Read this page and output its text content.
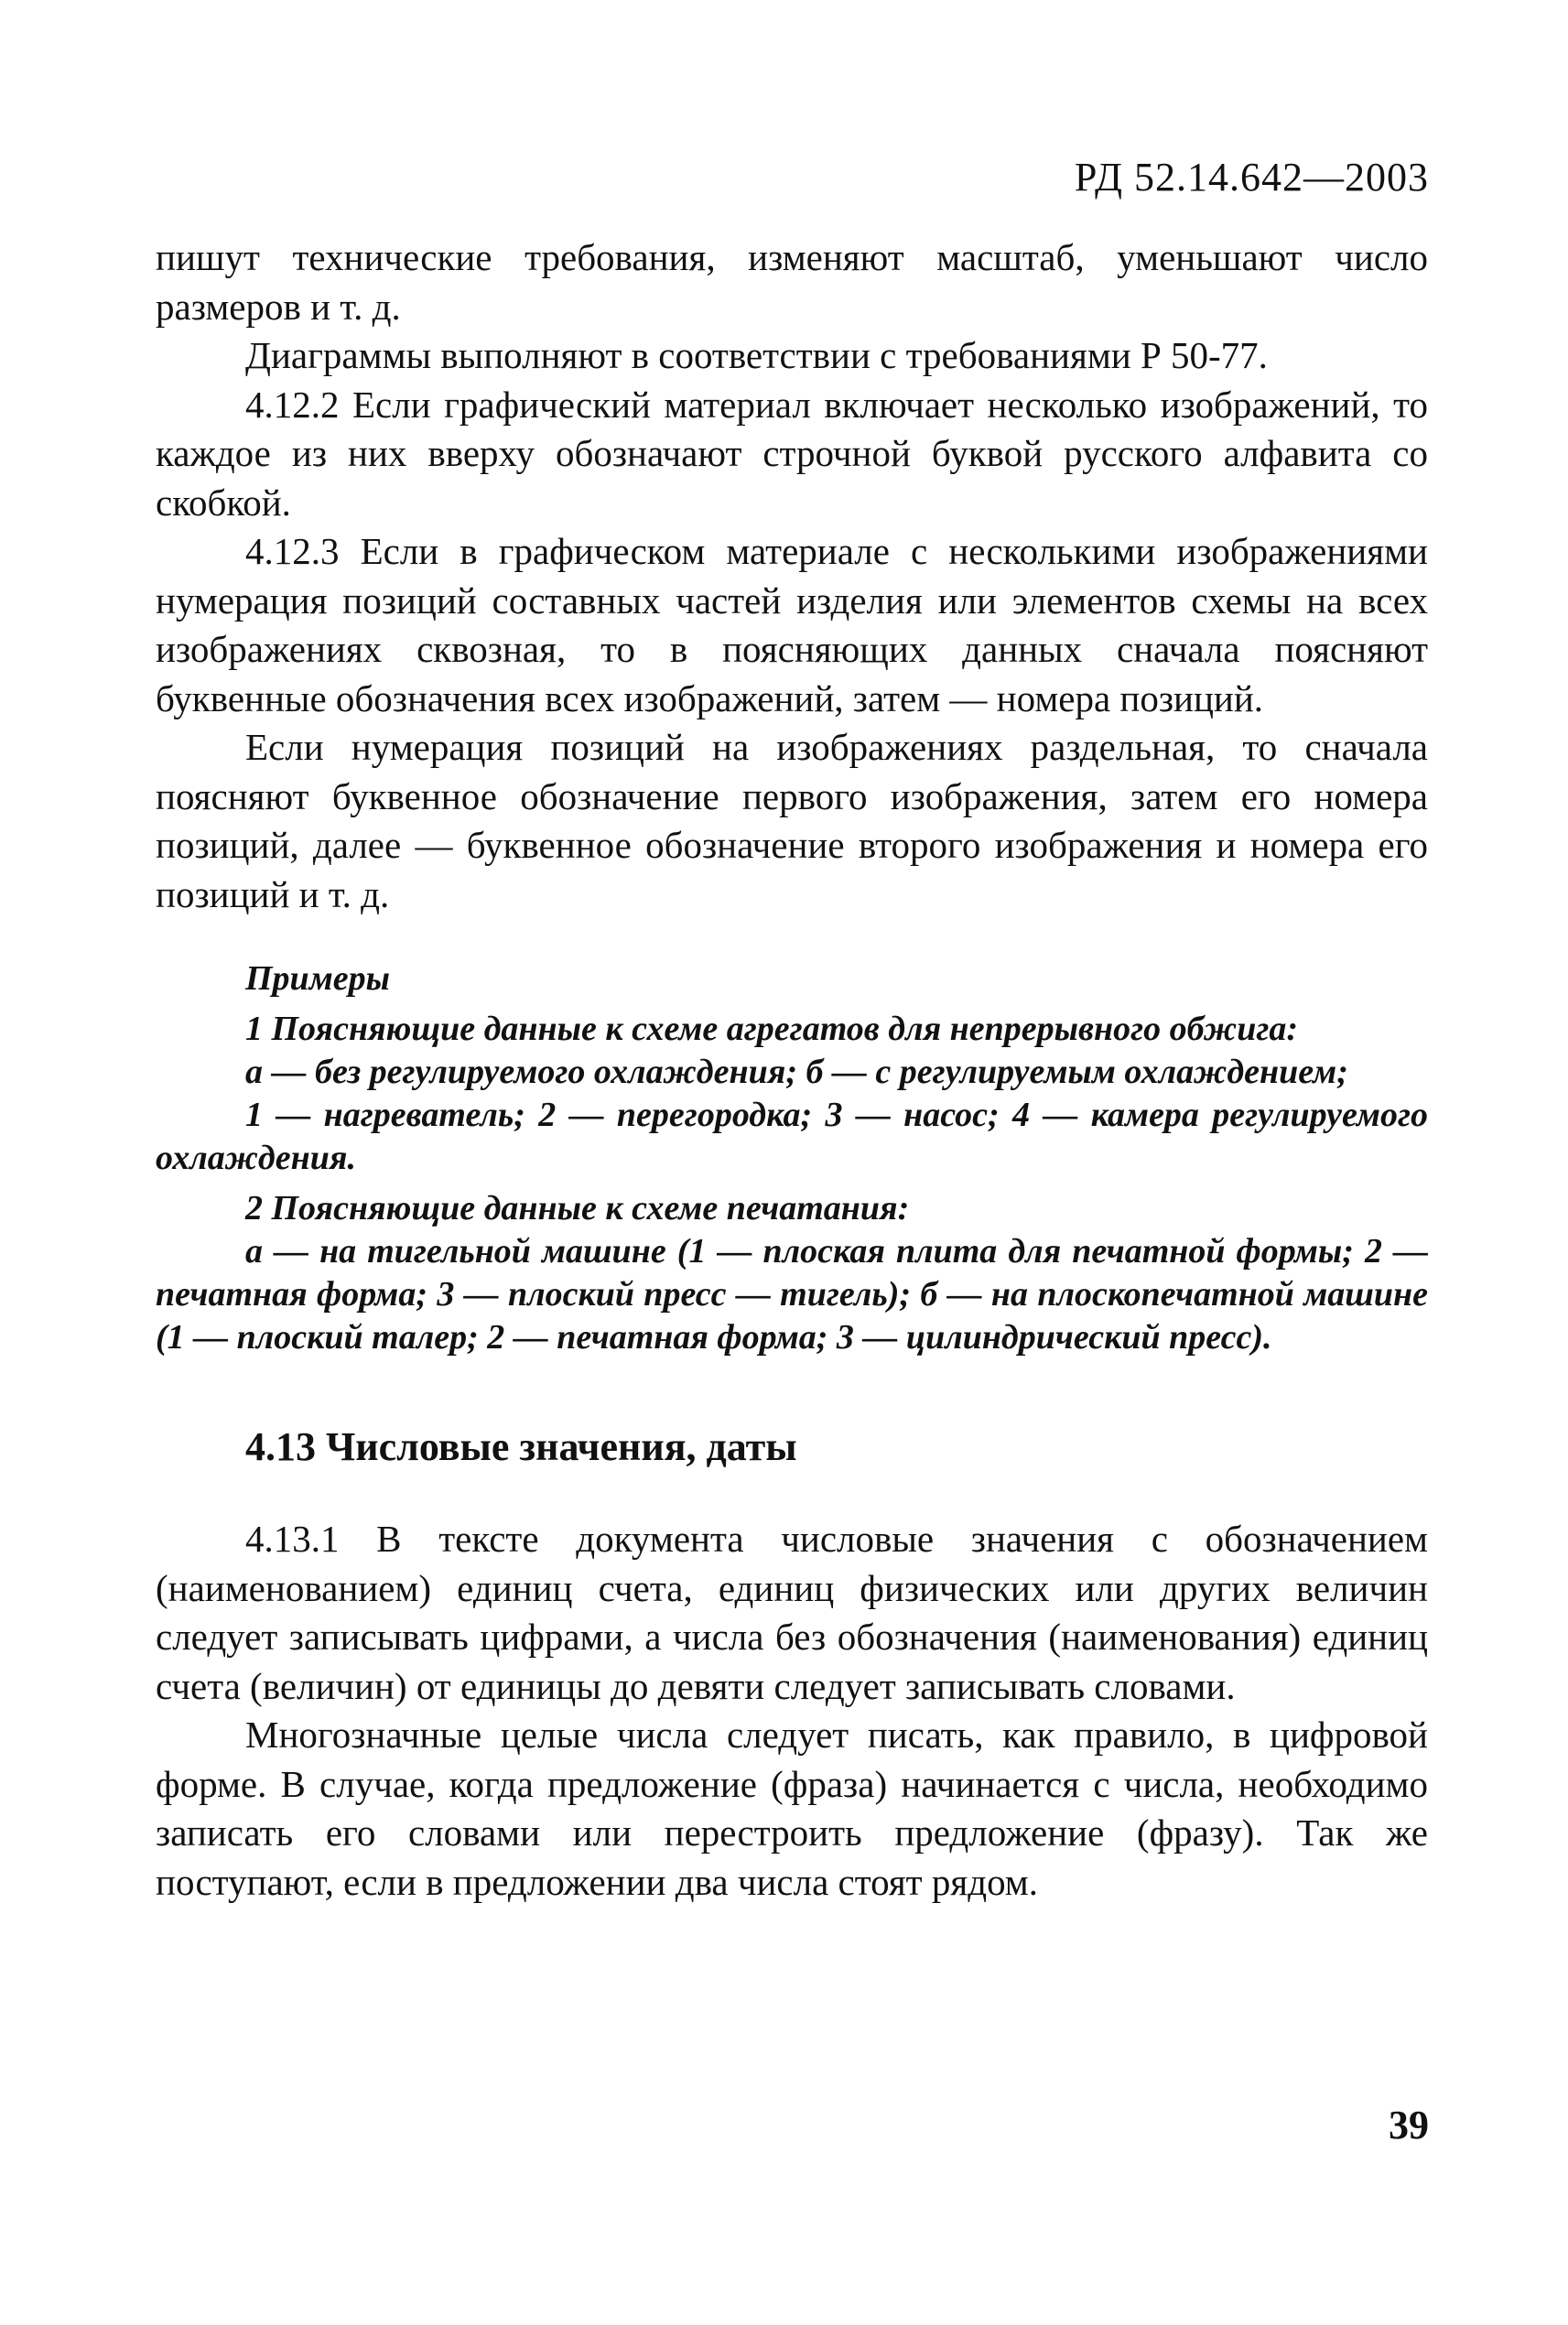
РД 52.14.642—2003

пишут технические требования, изменяют масштаб, уменьшают число размеров и т. д.

Диаграммы выполняют в соответствии с требованиями Р 50-77.

4.12.2 Если графический материал включает несколько изображений, то каждое из них вверху обозначают строчной буквой русского алфавита со скобкой.

4.12.3 Если в графическом материале с несколькими изображениями нумерация позиций составных частей изделия или элементов схемы на всех изображениях сквозная, то в поясняющих данных сначала поясняют буквенные обозначения всех изображений, затем — номера позиций.

Если нумерация позиций на изображениях раздельная, то сначала поясняют буквенное обозначение первого изображения, затем его номера позиций, далее — буквенное обозначение второго изображения и номера его позиций и т. д.

Примеры

1 Поясняющие данные к схеме агрегатов для непрерывного обжига:

а — без регулируемого охлаждения; б — с регулируемым охлаждением;

1 — нагреватель; 2 — перегородка; 3 — насос; 4 — камера регулируемого охлаждения.

2 Поясняющие данные к схеме печатания:

а — на тигельной машине (1 — плоская плита для печатной формы; 2 — печатная форма; 3 — плоский пресс — тигель); б — на плоскопечатной машине (1 — плоский талер; 2 — печатная форма; 3 — цилиндрический пресс).

4.13 Числовые значения, даты

4.13.1 В тексте документа числовые значения с обозначением (наименованием) единиц счета, единиц физических или других величин следует записывать цифрами, а числа без обозначения (наименования) единиц счета (величин) от единицы до девяти следует записывать словами.

Многозначные целые числа следует писать, как правило, в цифровой форме. В случае, когда предложение (фраза) начинается с числа, необходимо записать его словами или перестроить предложение (фразу). Так же поступают, если в предложении два числа стоят рядом.

39
